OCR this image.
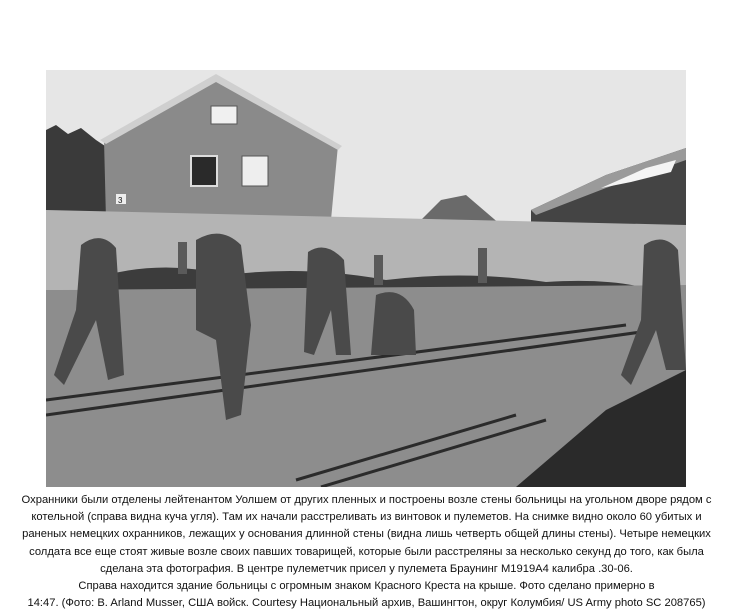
3
Охранники были отделены лейтенантом Уолшем от других пленных и построены возле стены больницы на угольном дворе рядом с
котельной (справа видна куча угля). Там их начали расстреливать из винтовок и пулеметов. На снимке видно около 60 убитых и
раненых немецких охранников, лежащих у основания длинной стены (видна лишь четверть общей длины стены). Четыре немецких
солдата все еще стоят живые возле своих павших товарищей, которые были расстреляны за несколько секунд до того, как была
сделана эта фотография. В центре пулеметчик присел у пулемета Браунинг M1919A4 калибра .30-06.
Справа находится здание больницы с огромным знаком Красного Креста на крыше. Фото сделано примерно в
14:47. (Фото: B. Arland Musser, США войск. Courtesy Национальный архив, Вашингтон, округ Колумбия/ US Army photo SC 208765)
